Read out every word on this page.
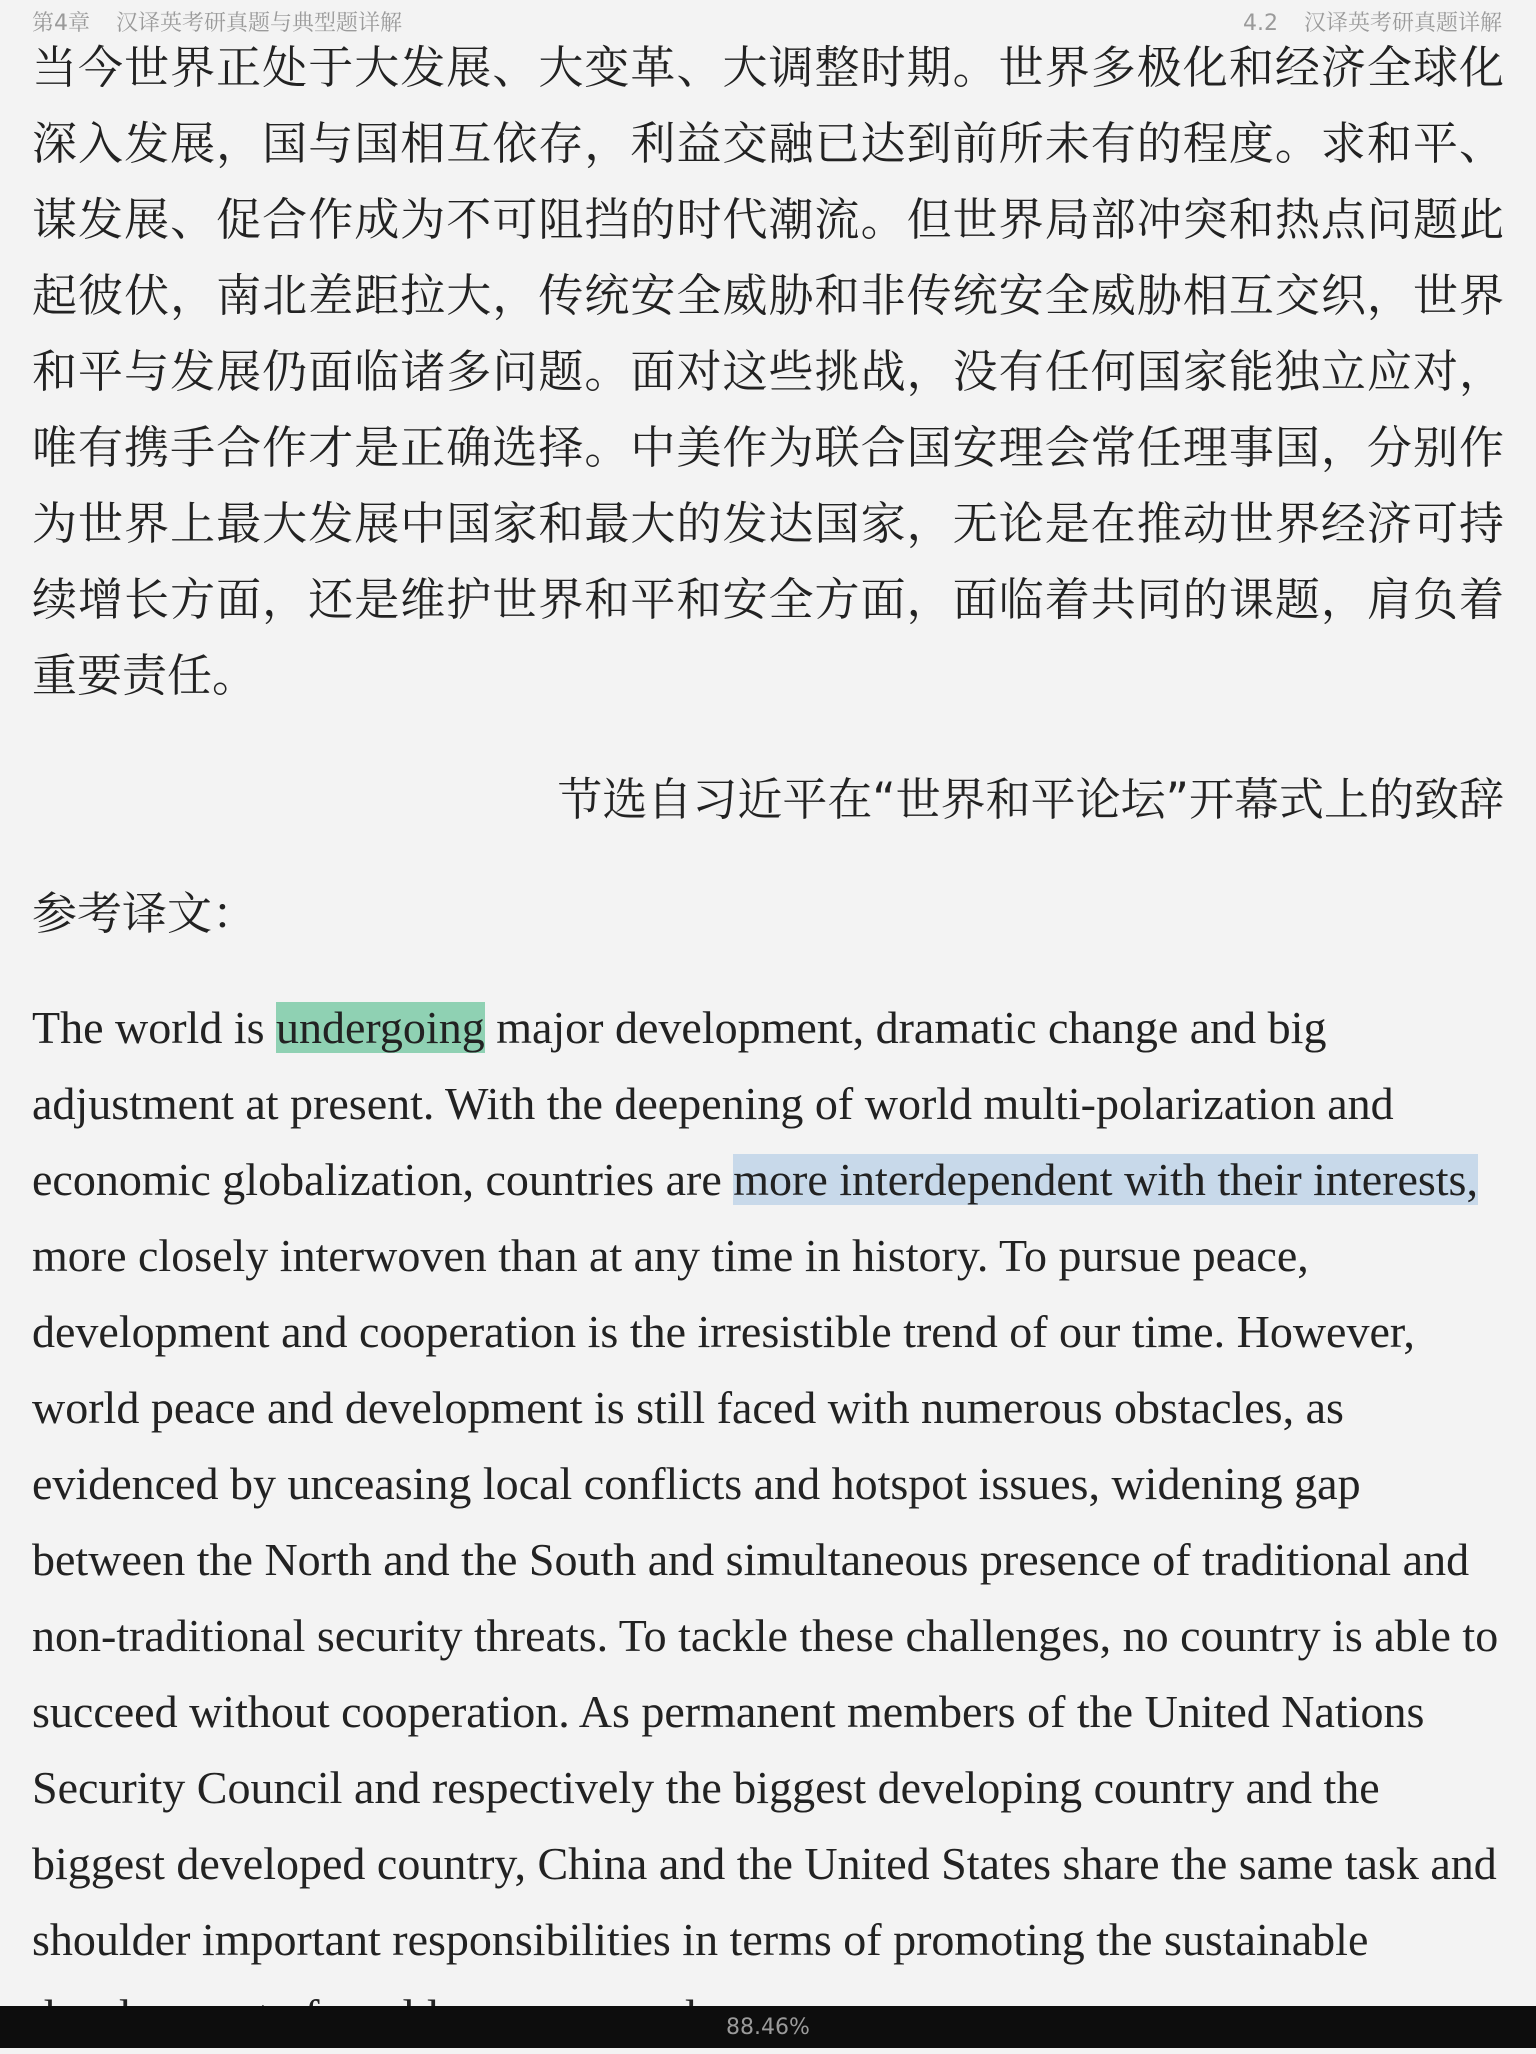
第4章 汉译英考研真题与典型题详解	4.2 汉译英考研真题详解

当今世界正处于大发展、大变革、大调整时期。世界多极化和经济全球化深入发展，国与国相互依存，利益交融已达到前所未有的程度。求和平、谋发展、促合作成为不可阻挡的时代潮流。但世界局部冲突和热点问题此起彼伏，南北差距拉大，传统安全威胁和非传统安全威胁相互交织，世界和平与发展仍面临诸多问题。面对这些挑战，没有任何国家能独立应对，唯有携手合作才是正确选择。中美作为联合国安理会常任理事国，分别作为世界上最大发展中国家和最大的发达国家，无论是在推动世界经济可持续增长方面，还是维护世界和平和安全方面，面临着共同的课题，肩负着重要责任。

节选自习近平在“世界和平论坛”开幕式上的致辞

参考译文：

The world is undergoing major development, dramatic change and big adjustment at present. With the deepening of world multi-polarization and economic globalization, countries are more interdependent with their interests, more closely interwoven than at any time in history. To pursue peace, development and cooperation is the irresistible trend of our time. However, world peace and development is still faced with numerous obstacles, as evidenced by unceasing local conflicts and hotspot issues, widening gap between the North and the South and simultaneous presence of traditional and non-traditional security threats. To tackle these challenges, no country is able to succeed without cooperation. As permanent members of the United Nations Security Council and respectively the biggest developing country and the biggest developed country, China and the United States share the same task and shoulder important responsibilities in terms of promoting the sustainable

88.46%
